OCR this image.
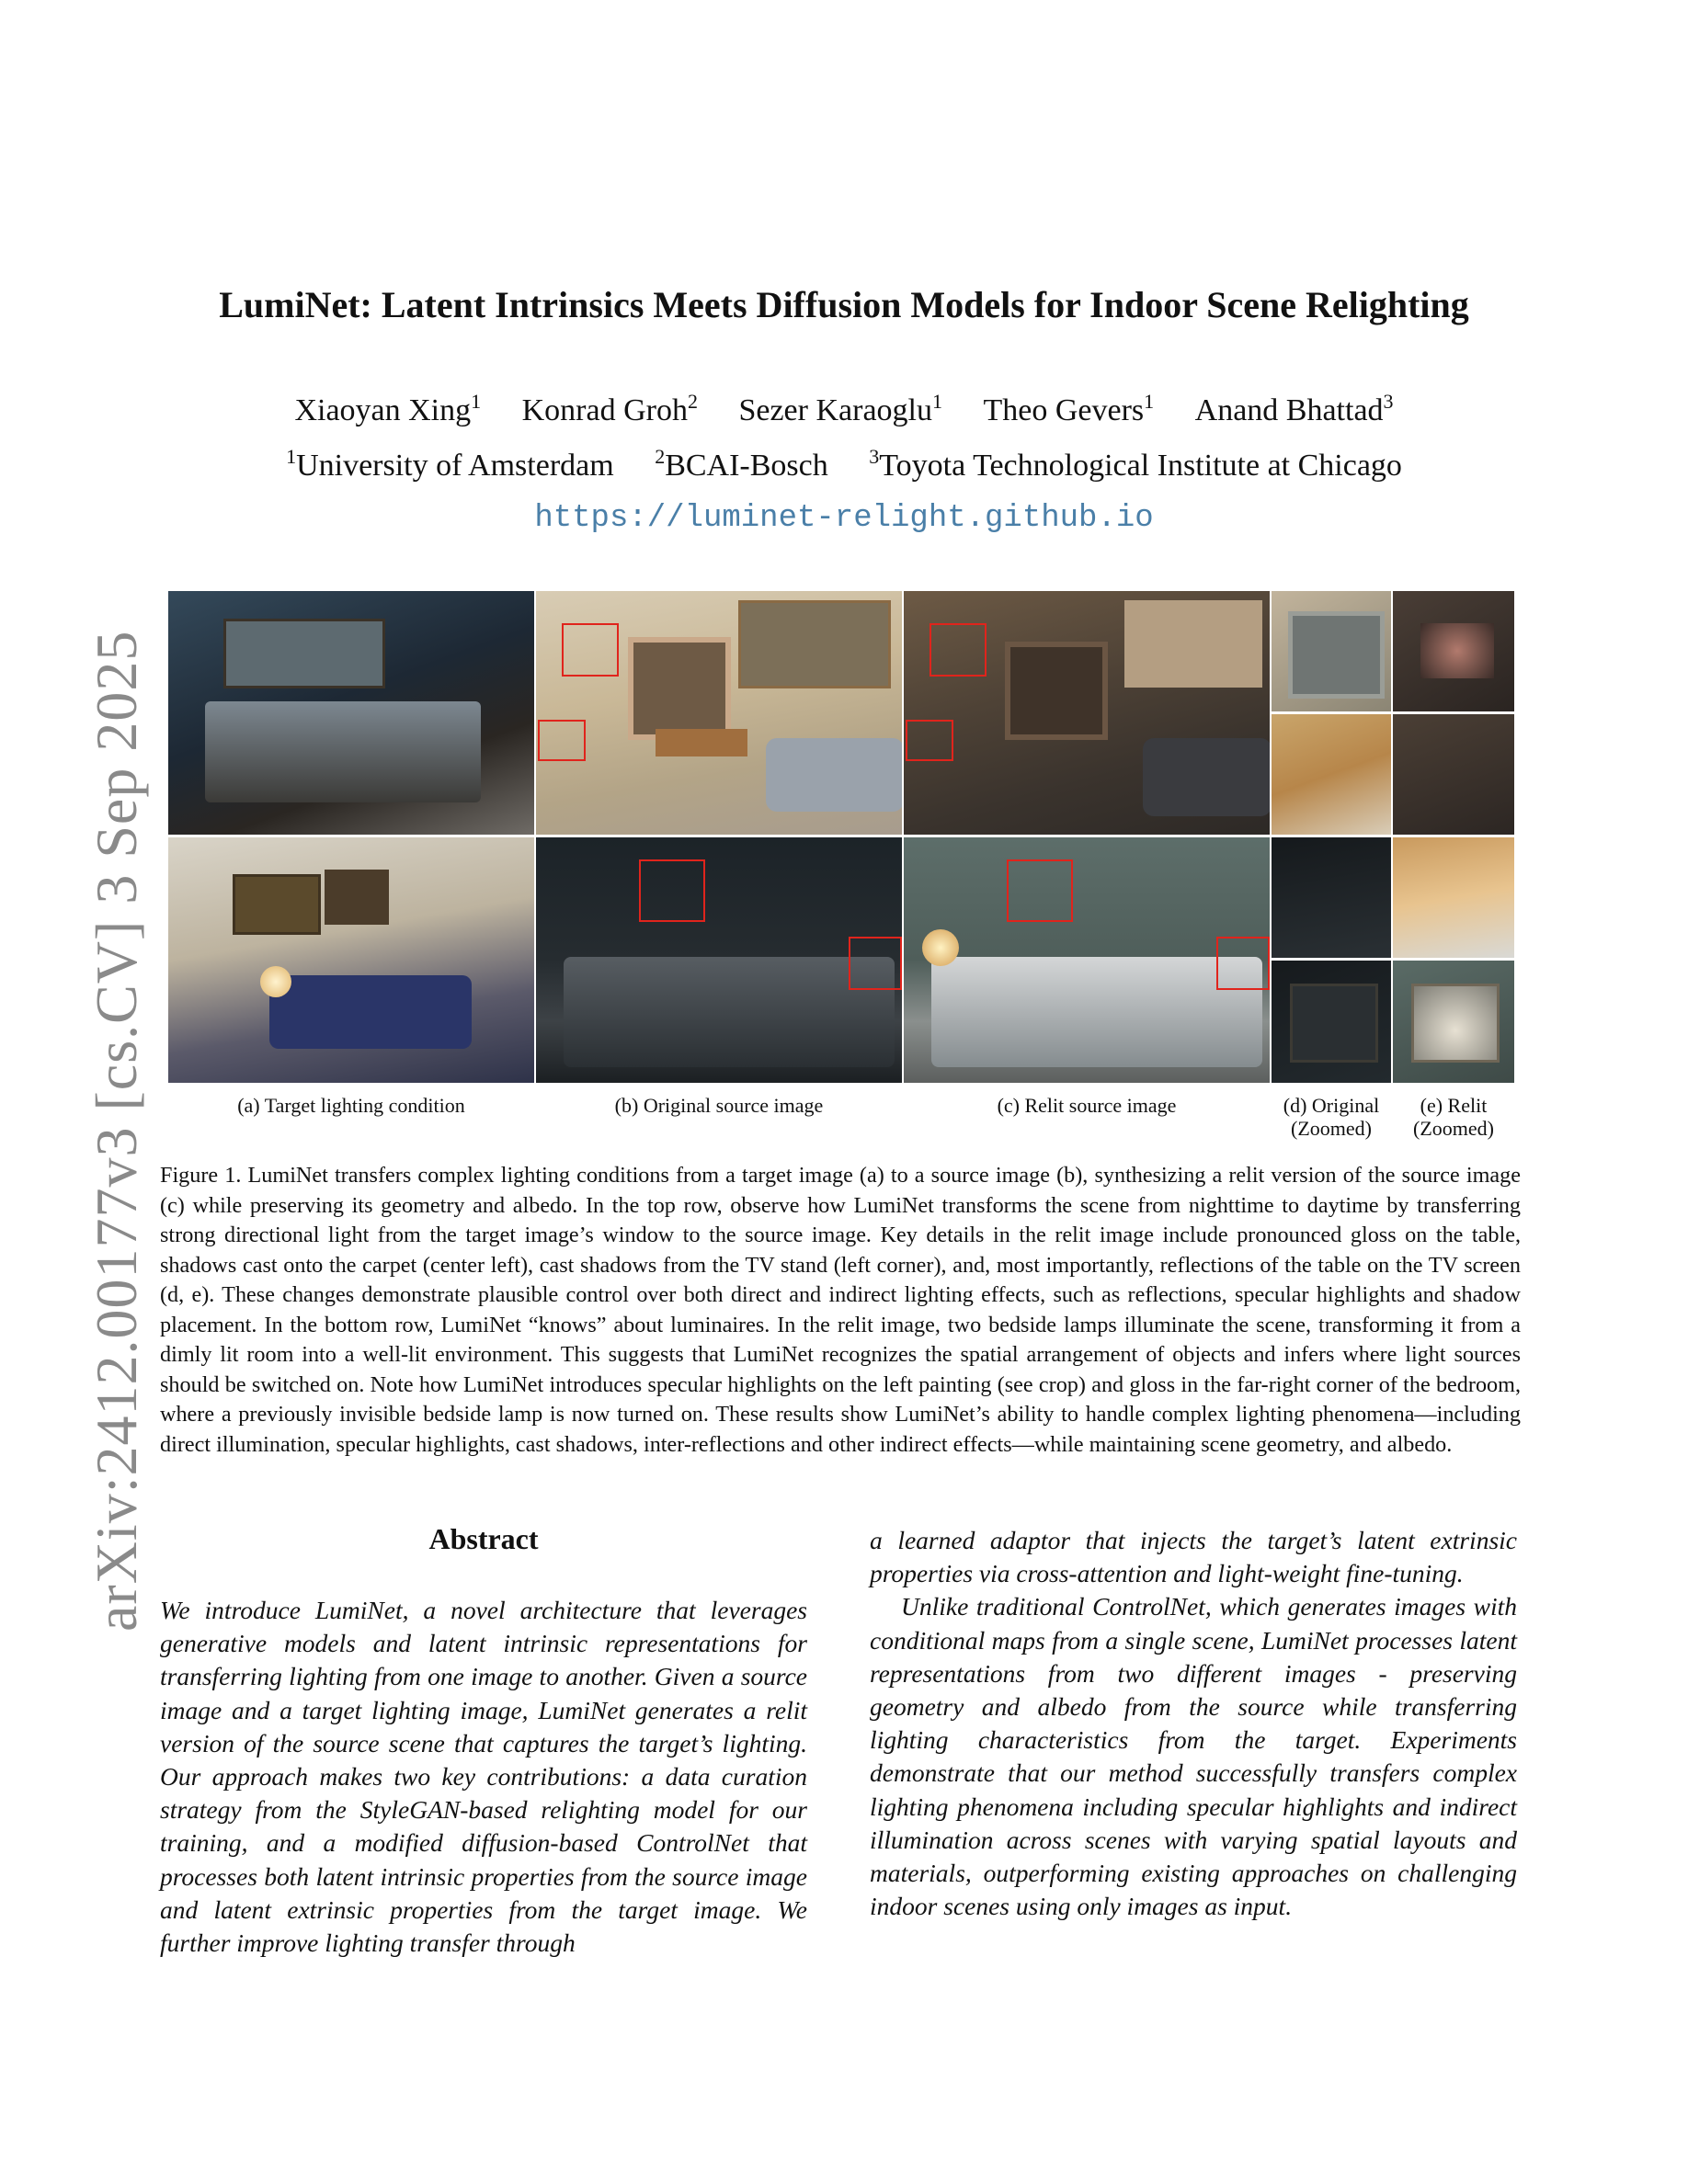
arXiv:2412.00177v3 [cs.CV] 3 Sep 2025
LumiNet: Latent Intrinsics Meets Diffusion Models for Indoor Scene Relighting
Xiaoyan Xing$^1$ Konrad Groh$^2$ Sezer Karaoglu$^1$ Theo Gevers$^1$ Anand Bhattad$^3$
$^1$University of Amsterdam $^2$BCAI-Bosch $^3$Toyota Technological Institute at Chicago
https://luminet-relight.github.io
(a) Target lighting condition	(b) Original source image	(c) Relit source image	(d) Original
(Zoomed)
(e) Relit
(Zoomed)
Figure 1. LumiNet transfers complex lighting conditions from a target image (a) to a source image (b), synthesizing a relit version of the source image (c) while preserving its geometry and albedo. In the top row, observe how LumiNet transforms the scene from nighttime to daytime by transferring strong directional light from the target image’s window to the source image. Key details in the relit image include pronounced gloss on the table, shadows cast onto the carpet (center left), cast shadows from the TV stand (left corner), and, most importantly, reflections of the table on the TV screen (d, e). These changes demonstrate plausible control over both direct and indirect lighting effects, such as reflections, specular highlights and shadow placement. In the bottom row, LumiNet “knows” about luminaires. In the relit image, two bedside lamps illuminate the scene, transforming it from a dimly lit room into a well-lit environment. This suggests that LumiNet recognizes the spatial arrangement of objects and infers where light sources should be switched on. Note how LumiNet introduces specular highlights on the left painting (see crop) and gloss in the far-right corner of the bedroom, where a previously invisible bedside lamp is now turned on. These results show LumiNet’s ability to handle complex lighting phenomena—including direct illumination, specular highlights, cast shadows, inter-reflections and other indirect effects—while maintaining scene geometry, and albedo.
Abstract

We introduce LumiNet, a novel architecture that leverages generative models and latent intrinsic representations for transferring lighting from one image to another. Given a source image and a target lighting image, LumiNet generates a relit version of the source scene that captures the target’s lighting. Our approach makes two key contributions: a data curation strategy from the StyleGAN-based relighting model for our training, and a modified diffusion-based ControlNet that processes both latent intrinsic properties from the source image and latent extrinsic properties from the target image. We further improve lighting transfer through

a learned adaptor that injects the target’s latent extrinsic properties via cross-attention and light-weight fine-tuning.

Unlike traditional ControlNet, which generates images with conditional maps from a single scene, LumiNet processes latent representations from two different images - preserving geometry and albedo from the source while transferring lighting characteristics from the target. Experiments demonstrate that our method successfully transfers complex lighting phenomena including specular highlights and indirect illumination across scenes with varying spatial layouts and materials, outperforming existing approaches on challenging indoor scenes using only images as input.
